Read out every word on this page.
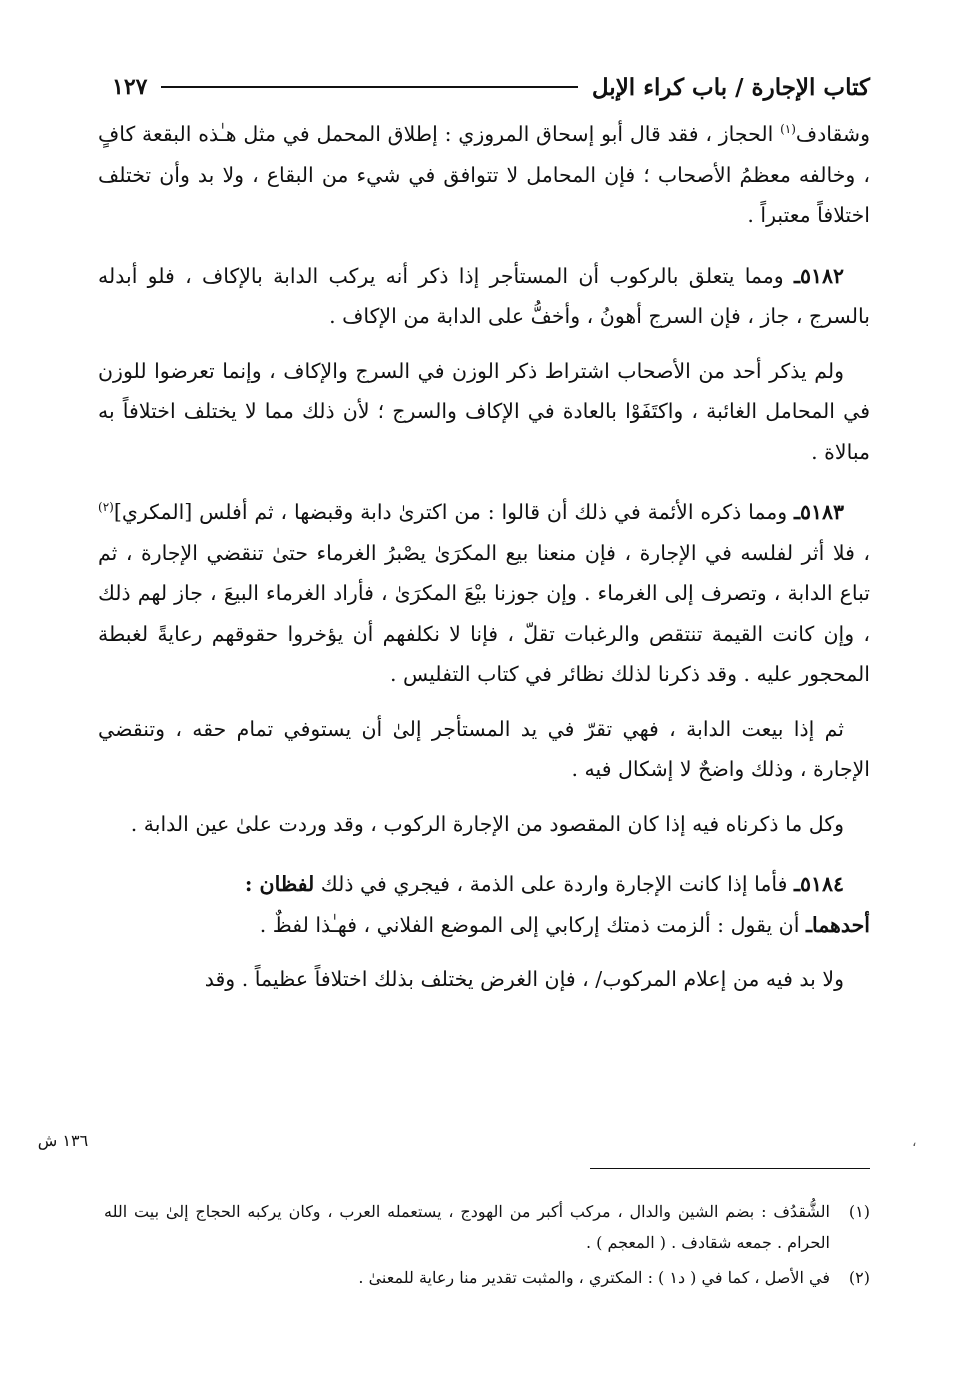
كتاب الإجارة / باب كراء الإبل
١٢٧

وشقادف$^{(١)}$ الحجاز ، فقد قال أبو إسحاق المروزي : إطلاق المحمل في مثل هـٰذه البقعة كافٍ ، وخالفه معظمُ الأصحاب ؛ فإن المحامل لا تتوافق في شيء من البقاع ، ولا بد وأن تختلف اختلافاً معتبراً .

٥١٨٢ـ ومما يتعلق بالركوب أن المستأجر إذا ذكر أنه يركب الدابة بالإكاف ، فلو أبدله بالسرج ، جاز ، فإن السرج أهونُ ، وأخفُّ على الدابة من الإكاف .

ولم يذكر أحد من الأصحاب اشتراط ذكر الوزن في السرج والإكاف ، وإنما تعرضوا للوزن في المحامل الغائبة ، واكتَفَوْا بالعادة في الإكاف والسرج ؛ لأن ذلك مما لا يختلف اختلافاً به مبالاة .

٥١٨٣ـ ومما ذكره الأئمة في ذلك أن قالوا : من اكترىٰ دابة وقبضها ، ثم أفلس [المكري]$^{(٢)}$ ، فلا أثر لفلسه في الإجارة ، فإن منعنا بيع المكرَىٰ يصْبرُ الغرماء حتىٰ تنقضي الإجارة ، ثم تباع الدابة ، وتصرف إلى الغرماء . وإن جوزنا بيْعَ المكرَىٰ ، فأراد الغرماء البيعَ ، جاز لهم ذلك ، وإن كانت القيمة تنتقص والرغبات تقلّ ، فإنا لا نكلفهم أن يؤخروا حقوقهم رعايةً لغبطة المحجور عليه . وقد ذكرنا لذلك نظائر في كتاب التفليس .

ثم إذا بيعت الدابة ، فهي تقرّ في يد المستأجر إلىٰ أن يستوفي تمام حقه ، وتنقضي الإجارة ، وذلك واضحٌ لا إشكال فيه .

وكل ما ذكرناه فيه إذا كان المقصود من الإجارة الركوب ، وقد وردت علىٰ عين الدابة .

٥١٨٤ـ فأما إذا كانت الإجارة واردة على الذمة ، فيجري في ذلك لفظان :

أحدهماـ أن يقول : ألزمت ذمتك إركابي إلى الموضع الفلاني ، فهـٰذا لفظٌ .

ولا بد فيه من إعلام المركوب/ ، فإن الغرض يختلف بذلك اختلافاً عظيماً . وقد

١٣٦ ش	،
(١)
الشُّقدُف : بضم الشين والدال ، مركب أكبر من الهودج ، يستعمله العرب ، وكان يركبه الحجاج إلىٰ بيت الله الحرام . جمعه شقادف . ( المعجم ) .
(٢)
في الأصل ، كما في ( د١ ) : المكتري ، والمثبت تقدير منا رعاية للمعنىٰ .
